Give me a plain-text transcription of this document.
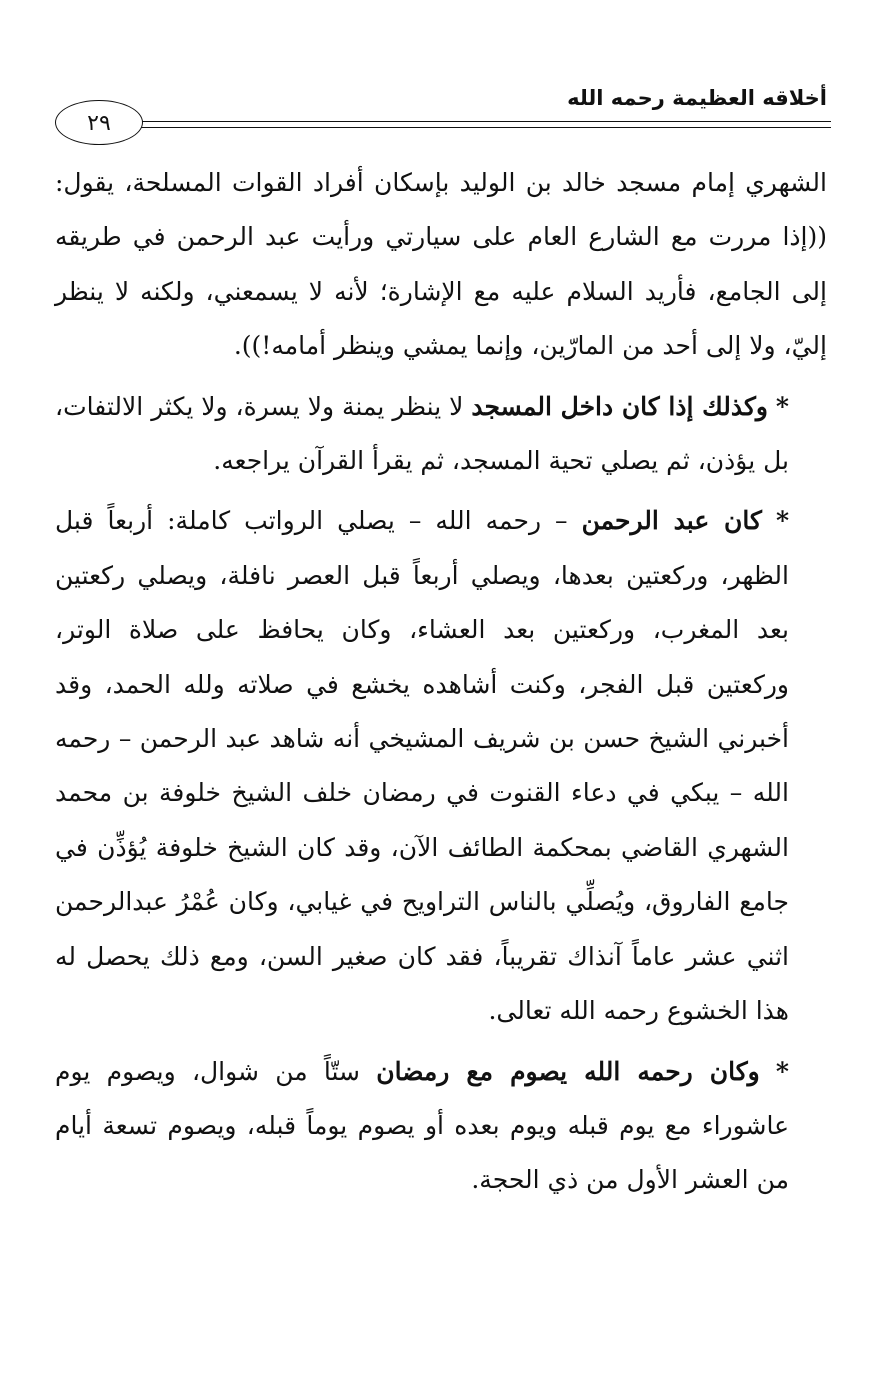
أخلاقه العظيمة رحمه الله
٢٩

الشهري إمام مسجد خالد بن الوليد بإسكان أفراد القوات المسلحة، يقول: ((إذا مررت مع الشارع العام على سيارتي ورأيت عبد الرحمن في طريقه إلى الجامع، فأريد السلام عليه مع الإشارة؛ لأنه لا يسمعني، ولكنه لا ينظر إليّ، ولا إلى أحد من المارّين، وإنما يمشي وينظر أمامه!)).

* وكذلك إذا كان داخل المسجد لا ينظر يمنة ولا يسرة، ولا يكثر الالتفات، بل يؤذن، ثم يصلي تحية المسجد، ثم يقرأ القرآن يراجعه.

* كان عبد الرحمن – رحمه الله – يصلي الرواتب كاملة: أربعاً قبل الظهر، وركعتين بعدها، ويصلي أربعاً قبل العصر نافلة، ويصلي ركعتين بعد المغرب، وركعتين بعد العشاء، وكان يحافظ على صلاة الوتر، وركعتين قبل الفجر، وكنت أشاهده يخشع في صلاته ولله الحمد، وقد أخبرني الشيخ حسن بن شريف المشيخي أنه شاهد عبد الرحمن – رحمه الله – يبكي في دعاء القنوت في رمضان خلف الشيخ خلوفة بن محمد الشهري القاضي بمحكمة الطائف الآن، وقد كان الشيخ خلوفة يُؤذِّن في جامع الفاروق، ويُصلِّي بالناس التراويح في غيابي، وكان عُمْرُ عبدالرحمن اثني عشر عاماً آنذاك تقريباً، فقد كان صغير السن، ومع ذلك يحصل له هذا الخشوع رحمه الله تعالى.

* وكان رحمه الله يصوم مع رمضان ستّاً من شوال، ويصوم يوم عاشوراء مع يوم قبله ويوم بعده أو يصوم يوماً قبله، ويصوم تسعة أيام من العشر الأول من ذي الحجة.
